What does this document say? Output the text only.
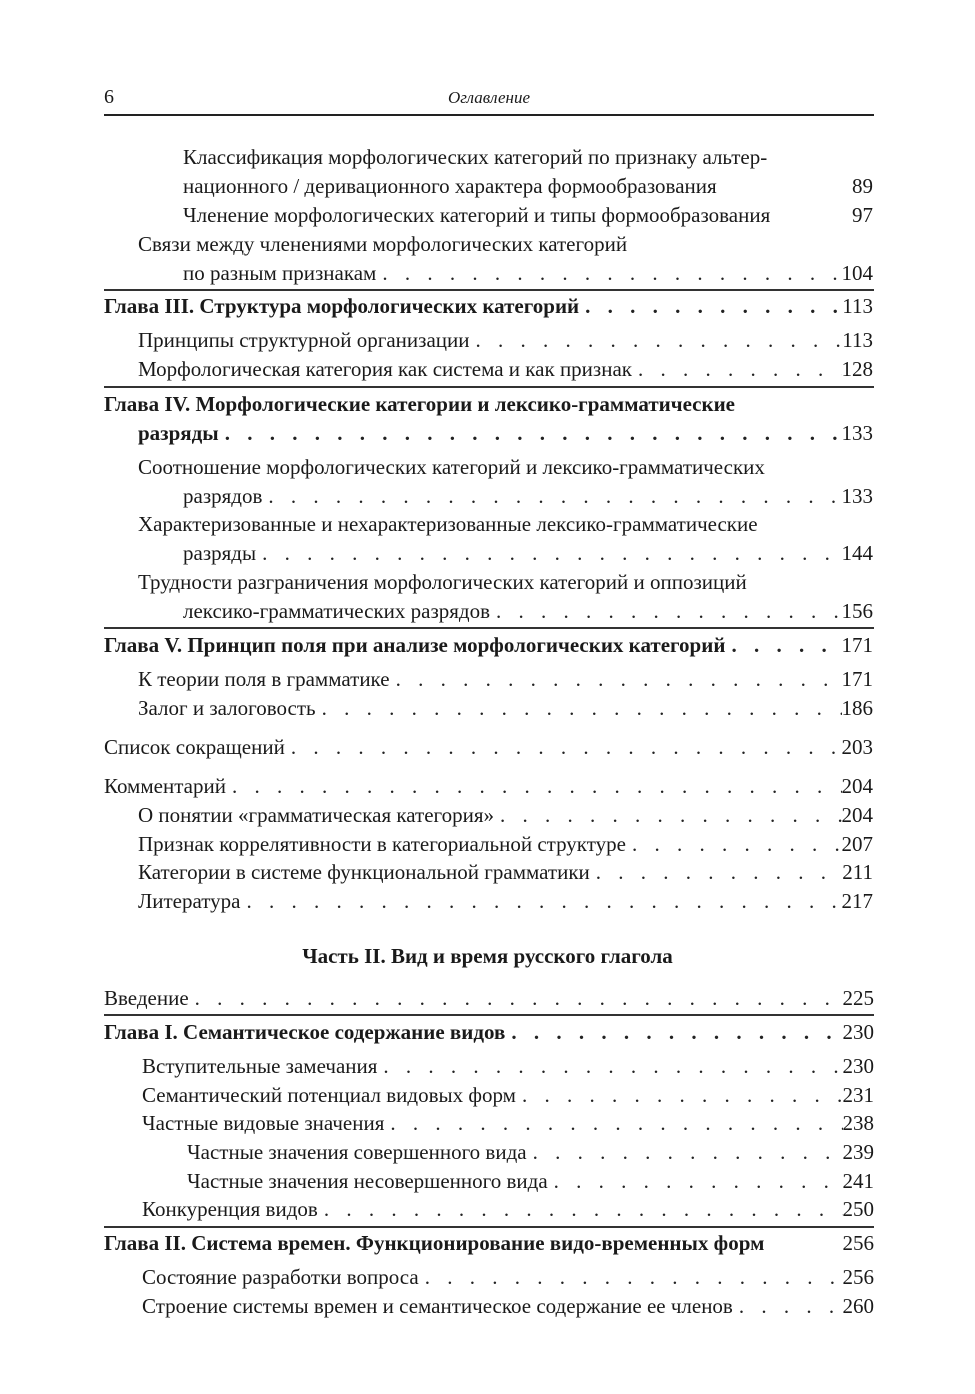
6	Оглавление
Классификация морфологических категорий по признаку альтер-
национного / деривационного характера формообразования	89
Членение морфологических категорий и типы формообразования	97
Связи между членениями морфологических категорий
по разным признакам . . .	104
Глава III. Структура морфологических категорий . . .	113
Принципы структурной организации . . .	113
Морфологическая категория как система и как признак . . .	128
Глава IV. Морфологические категории и лексико-грамматические
разряды . . .	133
Соотношение морфологических категорий и лексико-грамматических
разрядов . . .	133
Характеризованные и нехарактеризованные лексико-грамматические
разряды . . .	144
Трудности разграничения морфологических категорий и оппозиций
лексико-грамматических разрядов . . .	156
Глава V. Принцип поля при анализе морфологических категорий . . .	171
К теории поля в грамматике . . .	171
Залог и залоговость . . .	186
Список сокращений . . .	203
Комментарий . . .	204
О понятии «грамматическая категория» . . .	204
Признак коррелятивности в категориальной структуре . . .	207
Категории в системе функциональной грамматики . . .	211
Литература . . .	217
Часть II. Вид и время русского глагола
Введение . . .	225
Глава I. Семантическое содержание видов . . .	230
Вступительные замечания . . .	230
Семантический потенциал видовых форм . . .	231
Частные видовые значения . . .	238
Частные значения совершенного вида . . .	239
Частные значения несовершенного вида . . .	241
Конкуренция видов . . .	250
Глава II. Система времен. Функционирование видо-временных форм	256
Состояние разработки вопроса . . .	256
Строение системы времен и семантическое содержание ее членов . . .	260
